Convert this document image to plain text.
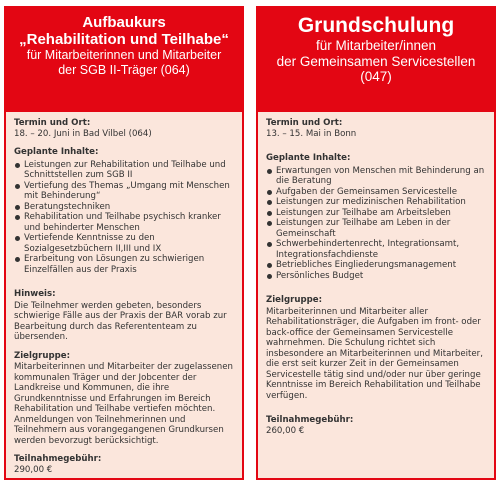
Aufbaukurs
„Rehabilitation und Teilhabe“
für Mitarbeiterinnen und Mitarbeiter
der SGB II-Träger (064)
Termin und Ort:
18. – 20. Juni in Bad Vilbel (064)
Geplante Inhalte:
Leistungen zur Rehabilitation und Teilhabe und Schnittstellen zum SGB II
Vertiefung des Themas „Umgang mit Menschen mit Behinderung“
Beratungstechniken
Rehabilitation und Teilhabe psychisch kranker und behinderter Menschen
Vertiefende Kenntnisse zu den Sozialgesetzbüchern II,III und IX
Erarbeitung von Lösungen zu schwierigen Einzelfällen aus der Praxis
Hinweis:
Die Teilnehmer werden gebeten, besonders schwierige Fälle aus der Praxis der BAR vorab zur Bearbeitung durch das Referententeam zu übersenden.
Zielgruppe:
Mitarbeiterinnen und Mitarbeiter der zugelassenen kommunalen Träger und der Jobcenter der Landkreise und Kommunen, die ihre Grundkenntnisse und Erfahrungen im Bereich Rehabilitation und Teilhabe vertiefen möchten. Anmeldungen von Teilnehmerinnen und Teilnehmern aus vorangegangenen Grundkursen werden bevorzugt berücksichtigt.
Teilnahmegebühr:
290,00 €
Grundschulung
für Mitarbeiter/innen
der Gemeinsamen Servicestellen
(047)
Termin und Ort:
13. – 15. Mai in Bonn
Geplante Inhalte:
Erwartungen von Menschen mit Behinderung an die Beratung
Aufgaben der Gemeinsamen Servicestelle
Leistungen zur medizinischen Rehabilitation
Leistungen zur Teilhabe am Arbeitsleben
Leistungen zur Teilhabe am Leben in der Gemeinschaft
Schwerbehindertenrecht, Integrationsamt, Integrationsfachdienste
Betriebliches Eingliederungsmanagement
Persönliches Budget
Zielgruppe:
Mitarbeiterinnen und Mitarbeiter aller Rehabilitationsträger, die Aufgaben im front- oder back-office der Gemeinsamen Servicestelle wahrnehmen. Die Schulung richtet sich insbesondere an Mitarbeiterinnen und Mitarbeiter, die erst seit kurzer Zeit in der Gemeinsamen Servicestelle tätig sind und/oder nur über geringe Kenntnisse im Bereich Rehabilitation und Teilhabe verfügen.
Teilnahmegebühr:
260,00 €
